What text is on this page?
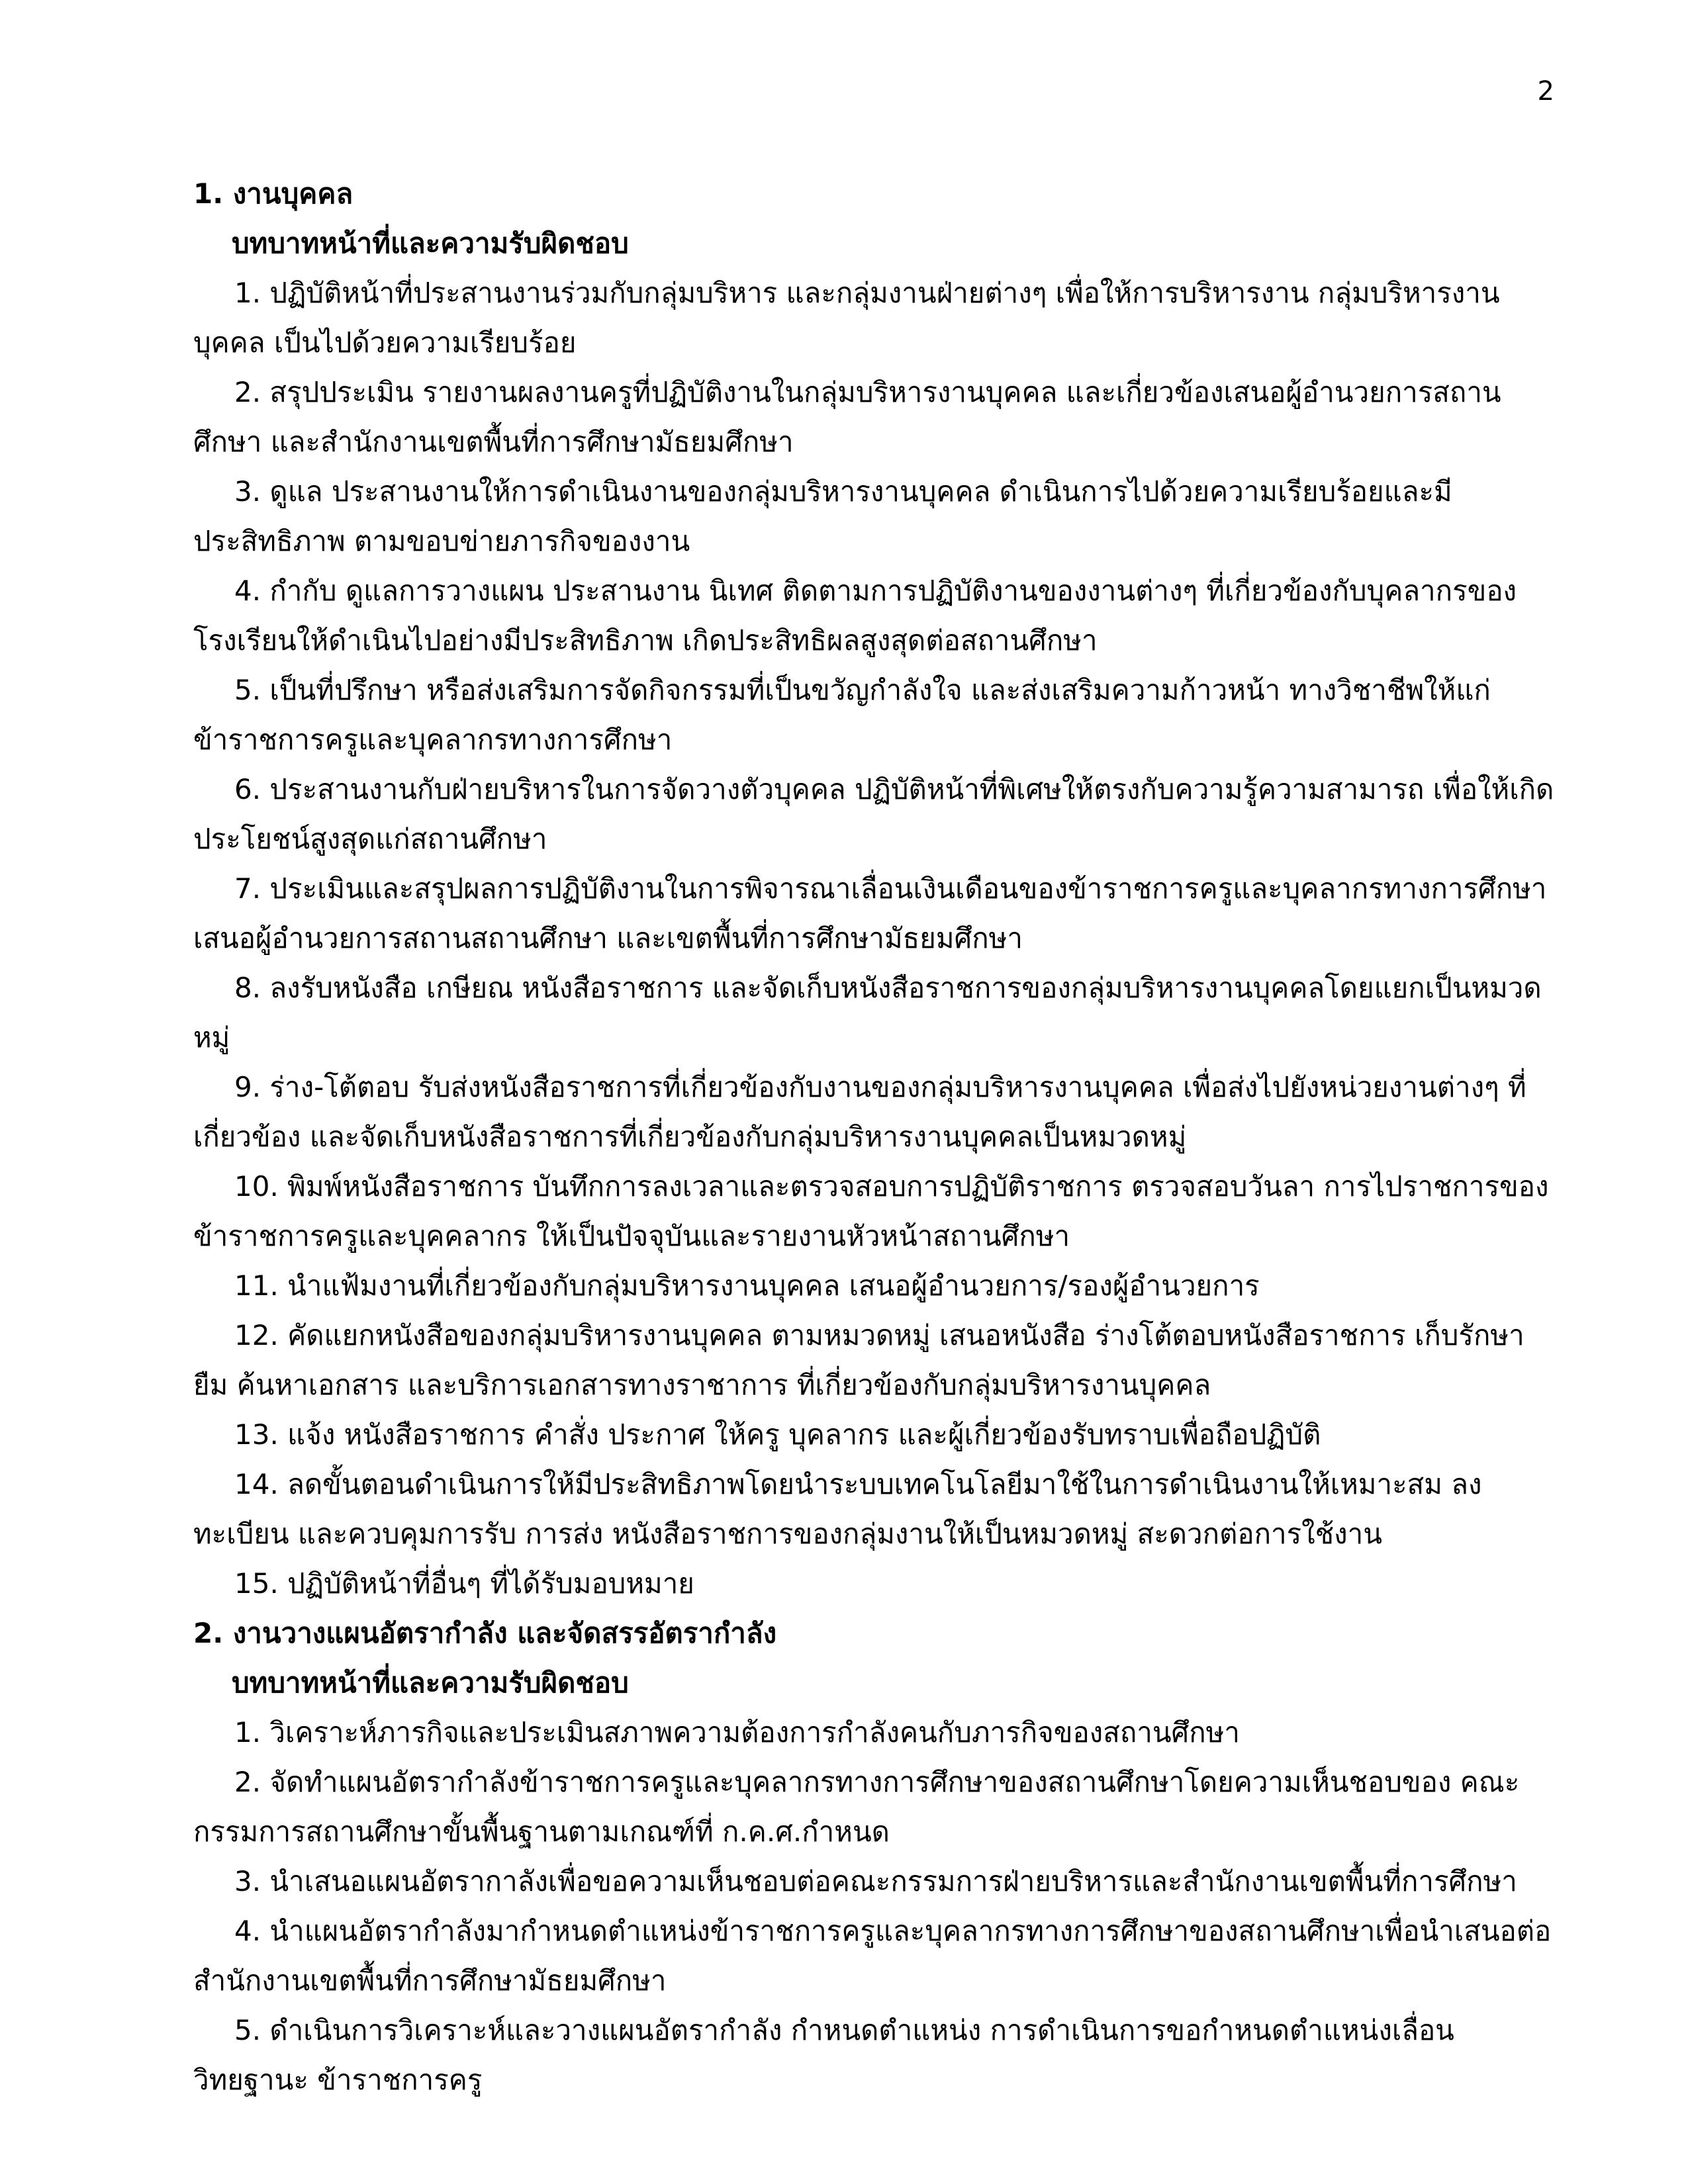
2

1. งานบุคคล

บทบาทหน้าที่และความรับผิดชอบ

1. ปฏิบัติหน้าที่ประสานงานร่วมกับกลุ่มบริหาร และกลุ่มงานฝ่ายต่างๆ เพื่อให้การบริหารงาน กลุ่มบริหารงานบุคคล เป็นไปด้วยความเรียบร้อย

2. สรุปประเมิน รายงานผลงานครูที่ปฏิบัติงานในกลุ่มบริหารงานบุคคล และเกี่ยวข้องเสนอผู้อำนวยการสถานศึกษา และสำนักงานเขตพื้นที่การศึกษามัธยมศึกษา

3. ดูแล ประสานงานให้การดำเนินงานของกลุ่มบริหารงานบุคคล ดำเนินการไปด้วยความเรียบร้อยและมีประสิทธิภาพ ตามขอบข่ายภารกิจของงาน

4. กำกับ ดูแลการวางแผน ประสานงาน นิเทศ ติดตามการปฏิบัติงานของงานต่างๆ ที่เกี่ยวข้องกับบุคลากรของ โรงเรียนให้ดำเนินไปอย่างมีประสิทธิภาพ เกิดประสิทธิผลสูงสุดต่อสถานศึกษา

5. เป็นที่ปรึกษา หรือส่งเสริมการจัดกิจกรรมที่เป็นขวัญกำลังใจ และส่งเสริมความก้าวหน้า ทางวิชาชีพให้แก่ ข้าราชการครูและบุคลากรทางการศึกษา

6. ประสานงานกับฝ่ายบริหารในการจัดวางตัวบุคคล ปฏิบัติหน้าที่พิเศษให้ตรงกับความรู้ความสามารถ เพื่อให้เกิด ประโยชน์สูงสุดแก่สถานศึกษา

7. ประเมินและสรุปผลการปฏิบัติงานในการพิจารณาเลื่อนเงินเดือนของข้าราชการครูและบุคลากรทางการศึกษา เสนอผู้อำนวยการสถานสถานศึกษา และเขตพื้นที่การศึกษามัธยมศึกษา

8. ลงรับหนังสือ เกษียณ หนังสือราชการ และจัดเก็บหนังสือราชการของกลุ่มบริหารงานบุคคลโดยแยกเป็นหมวดหมู่

9. ร่าง-โต้ตอบ รับส่งหนังสือราชการที่เกี่ยวข้องกับงานของกลุ่มบริหารงานบุคคล เพื่อส่งไปยังหน่วยงานต่างๆ ที่ เกี่ยวข้อง และจัดเก็บหนังสือราชการที่เกี่ยวข้องกับกลุ่มบริหารงานบุคคลเป็นหมวดหมู่

10. พิมพ์หนังสือราชการ บันทึกการลงเวลาและตรวจสอบการปฏิบัติราชการ ตรวจสอบวันลา การไปราชการของ ข้าราชการครูและบุคคลากร ให้เป็นปัจจุบันและรายงานหัวหน้าสถานศึกษา

11. นำแฟ้มงานที่เกี่ยวข้องกับกลุ่มบริหารงานบุคคล เสนอผู้อำนวยการ/รองผู้อำนวยการ

12. คัดแยกหนังสือของกลุ่มบริหารงานบุคคล ตามหมวดหมู่ เสนอหนังสือ ร่างโต้ตอบหนังสือราชการ เก็บรักษา ยืม ค้นหาเอกสาร และบริการเอกสารทางราชาการ ที่เกี่ยวข้องกับกลุ่มบริหารงานบุคคล

13. แจ้ง หนังสือราชการ คำสั่ง ประกาศ ให้ครู บุคลากร และผู้เกี่ยวข้องรับทราบเพื่อถือปฏิบัติ

14. ลดขั้นตอนดำเนินการให้มีประสิทธิภาพโดยนำระบบเทคโนโลยีมาใช้ในการดำเนินงานให้เหมาะสม ลงทะเบียน และควบคุมการรับ การส่ง หนังสือราชการของกลุ่มงานให้เป็นหมวดหมู่ สะดวกต่อการใช้งาน

15. ปฏิบัติหน้าที่อื่นๆ ที่ได้รับมอบหมาย

2. งานวางแผนอัตรากำลัง และจัดสรรอัตรากำลัง

บทบาทหน้าที่และความรับผิดชอบ

1. วิเคราะห์ภารกิจและประเมินสภาพความต้องการกำลังคนกับภารกิจของสถานศึกษา

2. จัดทำแผนอัตรากำลังข้าราชการครูและบุคลากรทางการศึกษาของสถานศึกษาโดยความเห็นชอบของ คณะกรรมการสถานศึกษาขั้นพื้นฐานตามเกณฑ์ที่ ก.ค.ศ.กำหนด

3. นำเสนอแผนอัตรากาลังเพื่อขอความเห็นชอบต่อคณะกรรมการฝ่ายบริหารและสำนักงานเขตพื้นที่การศึกษา

4. นำแผนอัตรากำลังมากำหนดตำแหน่งข้าราชการครูและบุคลากรทางการศึกษาของสถานศึกษาเพื่อนำเสนอต่อ สำนักงานเขตพื้นที่การศึกษามัธยมศึกษา

5. ดำเนินการวิเคราะห์และวางแผนอัตรากำลัง กำหนดตำแหน่ง การดำเนินการขอกำหนดตำแหน่งเลื่อนวิทยฐานะ ข้าราชการครู
